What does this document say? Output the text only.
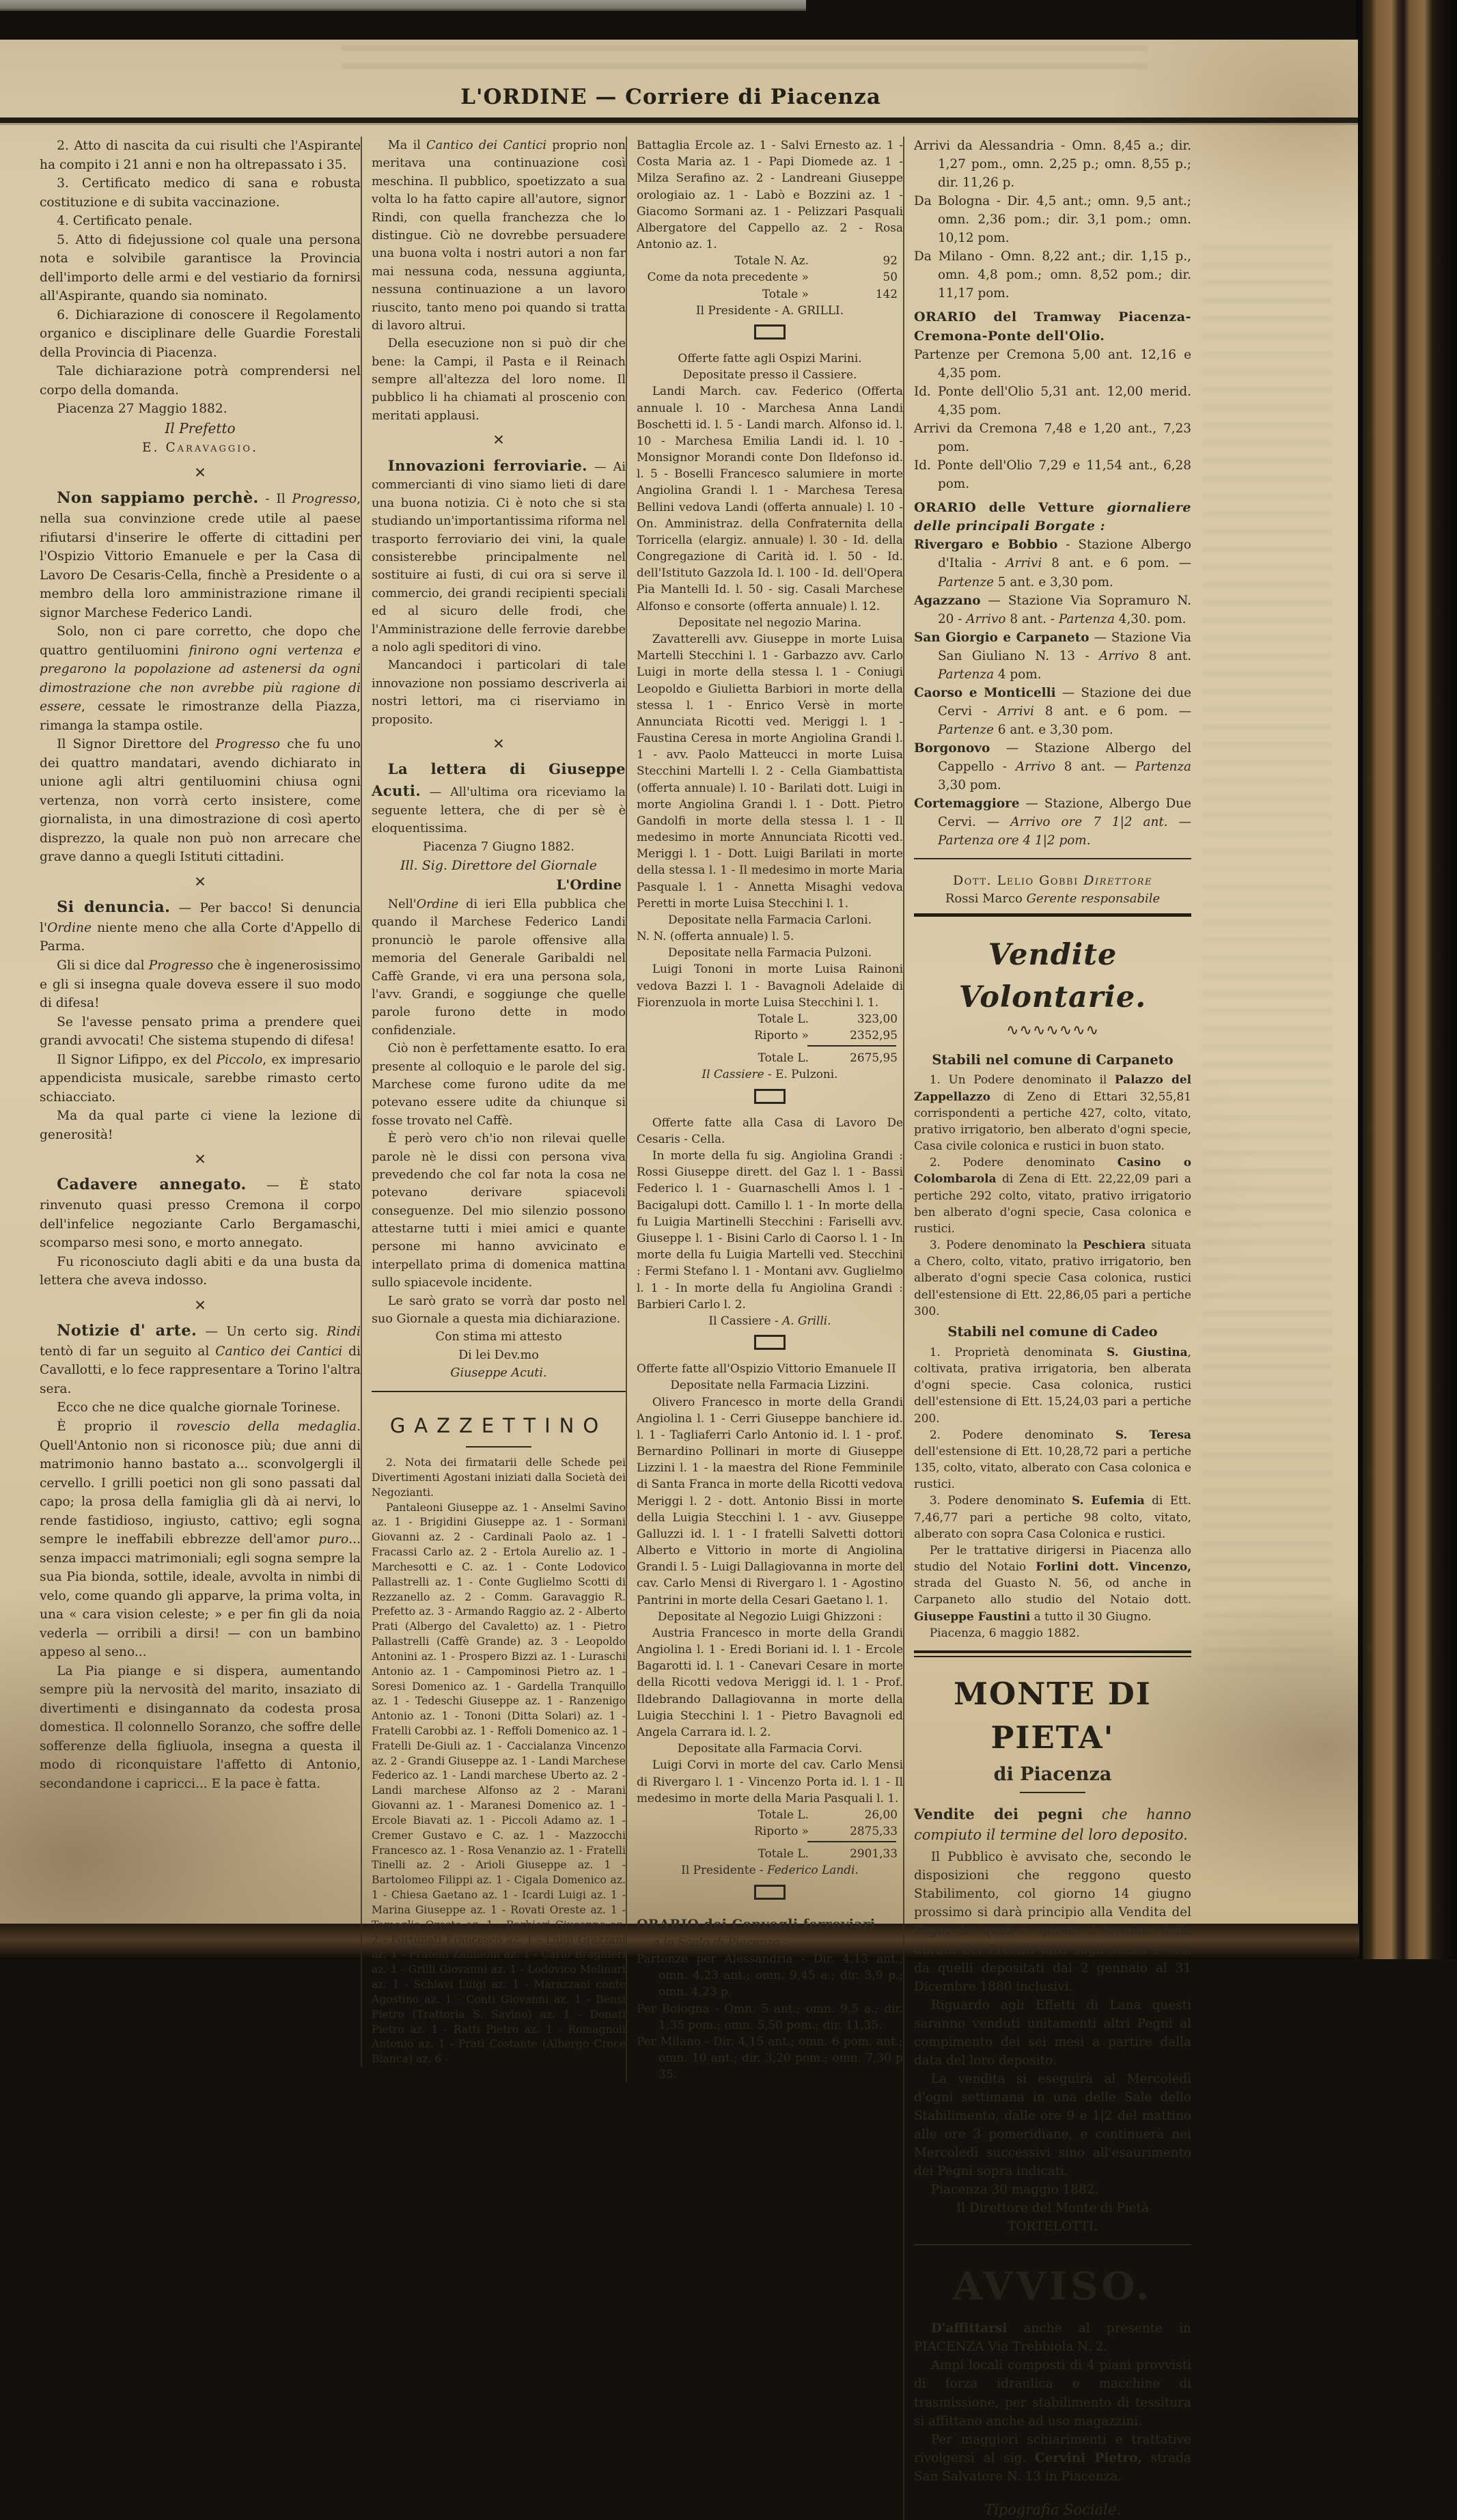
L'ORDINE — Corriere di Piacenza
2. Atto di nascita da cui risulti che l'Aspirante ha compito i 21 anni e non ha oltrepassato i 35.
3. Certificato medico di sana e robusta costituzione e di subita vaccinazione.
4. Certificato penale.
5. Atto di fidejussione col quale una persona nota e solvibile garantisce la Provincia dell'importo delle armi e del vestiario da fornirsi all'Aspirante, quando sia nominato.
6. Dichiarazione di conoscere il Regolamento organico e disciplinare delle Guardie Forestali della Provincia di Piacenza.
Tale dichiarazione potrà comprendersi nel corpo della domanda.
Piacenza 27 Maggio 1882.
Il Prefetto
E. Caravaggio.
✕
Non sappiamo perchè. - Il Progresso, nella sua convinzione crede utile al paese rifiutarsi d'inserire le offerte di cittadini per l'Ospizio Vittorio Emanuele e per la Casa di Lavoro De Cesaris-Cella, finchè a Presidente o a membro della loro amministrazione rimane il signor Marchese Federico Landi.
Solo, non ci pare corretto, che dopo che quattro gentiluomini finirono ogni vertenza e pregarono la popolazione ad astenersi da ogni dimostrazione che non avrebbe più ragione di essere, cessate le rimostranze della Piazza, rimanga la stampa ostile.
Il Signor Direttore del Progresso che fu uno dei quattro mandatari, avendo dichiarato in unione agli altri gentiluomini chiusa ogni vertenza, non vorrà certo insistere, come giornalista, in una dimostrazione di così aperto disprezzo, la quale non può non arrecare che grave danno a quegli Istituti cittadini.
✕
Si denuncia. — Per bacco! Si denuncia l'Ordine niente meno che alla Corte d'Appello di Parma.
Gli si dice dal Progresso che è ingenerosissimo e gli si insegna quale doveva essere il suo modo di difesa!
Se l'avesse pensato prima a prendere quei grandi avvocati! Che sistema stupendo di difesa!
Il Signor Lifippo, ex del Piccolo, ex impresario appendicista musicale, sarebbe rimasto certo schiacciato.
Ma da qual parte ci viene la lezione di generosità!
✕
Cadavere annegato. — È stato rinvenuto quasi presso Cremona il corpo dell'infelice negoziante Carlo Bergamaschi, scomparso mesi sono, e morto annegato.
Fu riconosciuto dagli abiti e da una busta da lettera che aveva indosso.
✕
Notizie d' arte. — Un certo sig. Rindi tentò di far un seguito al Cantico dei Cantici di Cavallotti, e lo fece rappresentare a Torino l'altra sera.
Ecco che ne dice qualche giornale Torinese.
È proprio il rovescio della medaglia. Quell'Antonio non si riconosce più; due anni di matrimonio hanno bastato a... sconvolgergli il cervello. I grilli poetici non gli sono passati dal capo; la prosa della famiglia gli dà ai nervi, lo rende fastidioso, ingiusto, cattivo; egli sogna sempre le ineffabili ebbrezze dell'amor puro... senza impacci matrimoniali; egli sogna sempre la sua Pia bionda, sottile, ideale, avvolta in nimbi di velo, come quando gli apparve, la prima volta, in una « cara vision celeste; » e per fin gli da noia vederla — orribili a dirsi! — con un bambino appeso al seno...
La Pia piange e si dispera, aumentando sempre più la nervosità del marito, insaziato di divertimenti e disingannato da codesta prosa domestica. Il colonnello Soranzo, che soffre delle sofferenze della figliuola, insegna a questa il modo di riconquistare l'affetto di Antonio, secondandone i capricci... E la pace è fatta.
Ma il Cantico dei Cantici proprio non meritava una continuazione così meschina. Il pubblico, spoetizzato a sua volta lo ha fatto capire all'autore, signor Rindi, con quella franchezza che lo distingue. Ciò ne dovrebbe persuadere una buona volta i nostri autori a non far mai nessuna coda, nessuna aggiunta, nessuna continuazione a un lavoro riuscito, tanto meno poi quando si tratta di lavoro altrui.
Della esecuzione non si può dir che bene: la Campi, il Pasta e il Reinach sempre all'altezza del loro nome. Il pubblico li ha chiamati al proscenio con meritati applausi.
✕
Innovazioni ferroviarie. — Ai commercianti di vino siamo lieti di dare una buona notizia. Ci è noto che si sta studiando un'importantissima riforma nel trasporto ferroviario dei vini, la quale consisterebbe principalmente nel sostituire ai fusti, di cui ora si serve il commercio, dei grandi recipienti speciali ed al sicuro delle frodi, che l'Amministrazione delle ferrovie darebbe a nolo agli speditori di vino.
Mancandoci i particolari di tale innovazione non possiamo descriverla ai nostri lettori, ma ci riserviamo in proposito.
✕
La lettera di Giuseppe Acuti. — All'ultima ora riceviamo la seguente lettera, che di per sè è eloquentissima.
Piacenza 7 Giugno 1882.
Ill. Sig. Direttore del Giornale
L'Ordine
Nell'Ordine di ieri Ella pubblica che quando il Marchese Federico Landi pronunciò le parole offensive alla memoria del Generale Garibaldi nel Caffè Grande, vi era una persona sola, l'avv. Grandi, e soggiunge che quelle parole furono dette in modo confidenziale.
Ciò non è perfettamente esatto. Io era presente al colloquio e le parole del sig. Marchese come furono udite da me potevano essere udite da chiunque si fosse trovato nel Caffè.
È però vero ch'io non rilevai quelle parole nè le dissi con persona viva prevedendo che col far nota la cosa ne potevano derivare spiacevoli conseguenze. Del mio silenzio possono attestarne tutti i miei amici e quante persone mi hanno avvicinato e interpellato prima di domenica mattina sullo spiacevole incidente.
Le sarò grato se vorrà dar posto nel suo Giornale a questa mia dichiarazione.
Con stima mi attesto
Di lei Dev.mo
Giuseppe Acuti.
GAZZETTINO
2. Nota dei firmatarii delle Schede pei Divertimenti Agostani iniziati dalla Società dei Negozianti.
Pantaleoni Giuseppe az. 1 - Anselmi Savino az. 1 - Brigidini Giuseppe az. 1 - Sormani Giovanni az. 2 - Cardinali Paolo az. 1 - Fracassi Carlo az. 2 - Ertola Aurelio az. 1 - Marchesotti e C. az. 1 - Conte Lodovico Pallastrelli az. 1 - Conte Guglielmo Scotti di Rezzanello az. 2 - Comm. Garavaggio R. Prefetto az. 3 - Armando Raggio az. 2 - Alberto Prati (Albergo del Cavaletto) az. 1 - Pietro Pallastrelli (Caffè Grande) az. 3 - Leopoldo Antonini az. 1 - Prospero Bizzi az. 1 - Luraschi Antonio az. 1 - Campominosi Pietro az. 1 - Soresi Domenico az. 1 - Gardella Tranquillo az. 1 - Tedeschi Giuseppe az. 1 - Ranzenigo Antonio az. 1 - Tononi (Ditta Solari) az. 1 - Fratelli Carobbi az. 1 - Reffoli Domenico az. 1 - Fratelli De-Giuli az. 1 - Caccialanza Vincenzo az. 2 - Grandi Giuseppe az. 1 - Landi Marchese Federico az. 1 - Landi marchese Uberto az. 2 - Landi marchese Alfonso az 2 - Marani Giovanni az. 1 - Maranesi Domenico az. 1 - Ercole Biavati az. 1 - Piccoli Adamo az. 1 - Cremer Gustavo e C. az. 1 - Mazzocchi Francesco az. 1 - Rosa Venanzio az. 1 - Fratelli Tinelli az. 2 - Arioli Giuseppe az. 1 - Bartolomeo Filippi az. 1 - Cigala Domenico az. 1 - Chiesa Gaetano az. 1 - Icardi Luigi az. 1 - Marina Giuseppe az. 1 - Rovati Oreste az. 1 - Tamoglia Oreste az. 1 - Barbieri Giuseppe az. 2 - Fortunati Francesco az. 1 - Luigi Grazzani az. 1 - Fratelli Zaninoni az. 1 - Carlo Braghieri az. 1 - Grilli Giovanni az. 1 - Lodovico Molinari az. 1 - Schiavi Luigi az. 1 - Marazzani conte Agostino az. 1 - Conti Giovanni az. 1 - Bensi Pietro (Trattoria S. Savino) az. 1 - Donati Pietro az. 1 - Ratti Pietro az. 1 - Romagnoli Antonio az. 1 - Prati Costante (Albergo Croce Bianca) az. 6 -
Battaglia Ercole az. 1 - Salvi Ernesto az. 1 - Costa Maria az. 1 - Papi Diomede az. 1 - Milza Serafino az. 2 - Landreani Giuseppe orologiaio az. 1 - Labò e Bozzini az. 1 - Giacomo Sormani az. 1 - Pelizzari Pasquali Albergatore del Cappello az. 2 - Rosa Antonio az. 1.
Totale N. Az.	92
Come da nota precedente »	50
Totale »	142
Il Presidente - A. GRILLI.
Offerte fatte agli Ospizi Marini.
Depositate presso il Cassiere.
Landi March. cav. Federico (Offerta annuale l. 10 - Marchesa Anna Landi Boschetti id. l. 5 - Landi march. Alfonso id. l. 10 - Marchesa Emilia Landi id. l. 10 - Monsignor Morandi conte Don Ildefonso id. l. 5 - Boselli Francesco salumiere in morte Angiolina Grandi l. 1 - Marchesa Teresa Bellini vedova Landi (offerta annuale) l. 10 - On. Amministraz. della Confraternita della Torricella (elargiz. annuale) l. 30 - Id. della Congregazione di Carità id. l. 50 - Id. dell'Istituto Gazzola Id. l. 100 - Id. dell'Opera Pia Mantelli Id. l. 50 - sig. Casali Marchese Alfonso e consorte (offerta annuale) l. 12.
Depositate nel negozio Marina.
Zavatterelli avv. Giuseppe in morte Luisa Martelli Stecchini l. 1 - Garbazzo avv. Carlo Luigi in morte della stessa l. 1 - Coniugi Leopoldo e Giulietta Barbiori in morte della stessa l. 1 - Enrico Versè in morte Annunciata Ricotti ved. Meriggi l. 1 - Faustina Ceresa in morte Angiolina Grandi l. 1 - avv. Paolo Matteucci in morte Luisa Stecchini Martelli l. 2 - Cella Giambattista (offerta annuale) l. 10 - Barilati dott. Luigi in morte Angiolina Grandi l. 1 - Dott. Pietro Gandolfi in morte della stessa l. 1 - Il medesimo in morte Annunciata Ricotti ved. Meriggi l. 1 - Dott. Luigi Barilati in morte della stessa l. 1 - Il medesimo in morte Maria Pasquale l. 1 - Annetta Misaghi vedova Peretti in morte Luisa Stecchini l. 1.
Depositate nella Farmacia Carloni.
N. N. (offerta annuale) l. 5.
Depositate nella Farmacia Pulzoni.
Luigi Tononi in morte Luisa Rainoni vedova Bazzi l. 1 - Bavagnoli Adelaide di Fiorenzuola in morte Luisa Stecchini l. 1.
Totale L.	323,00
Riporto »	2352,95
Totale L.	2675,95
Il Cassiere - E. Pulzoni.
Offerte fatte alla Casa di Lavoro De Cesaris - Cella.
In morte della fu sig. Angiolina Grandi : Rossi Giuseppe dirett. del Gaz l. 1 - Bassi Federico l. 1 - Guarnaschelli Amos l. 1 - Bacigalupi dott. Camillo l. 1 - In morte della fu Luigia Martinelli Stecchini : Fariselli avv. Giuseppe l. 1 - Bisini Carlo di Caorso l. 1 - In morte della fu Luigia Martelli ved. Stecchini : Fermi Stefano l. 1 - Montani avv. Guglielmo l. 1 - In morte della fu Angiolina Grandi : Barbieri Carlo l. 2.
Il Cassiere - A. Grilli.
Offerte fatte all'Ospizio Vittorio Emanuele II
Depositate nella Farmacia Lizzini.
Olivero Francesco in morte della Grandi Angiolina l. 1 - Cerri Giuseppe banchiere id. l. 1 - Tagliaferri Carlo Antonio id. l. 1 - prof. Bernardino Pollinari in morte di Giuseppe Lizzini l. 1 - la maestra del Rione Femminile di Santa Franca in morte della Ricotti vedova Meriggi l. 2 - dott. Antonio Bissi in morte della Luigia Stecchini l. 1 - avv. Giuseppe Galluzzi id. l. 1 - I fratelli Salvetti dottori Alberto e Vittorio in morte di Angiolina Grandi l. 5 - Luigi Dallagiovanna in morte del cav. Carlo Mensi di Rivergaro l. 1 - Agostino Pantrini in morte della Cesari Gaetano l. 1.
Depositate al Negozio Luigi Ghizzoni :
Austria Francesco in morte della Grandi Angiolina l. 1 - Eredi Boriani id. l. 1 - Ercole Bagarotti id. l. 1 - Canevari Cesare in morte della Ricotti vedova Meriggi id. l. 1 - Prof. Ildebrando Dallagiovanna in morte della Luigia Stecchini l. 1 - Pietro Bavagnoli ed Angela Carrara id. l. 2.
Depositate alla Farmacia Corvi.
Luigi Corvi in morte del cav. Carlo Mensi di Rivergaro l. 1 - Vincenzo Porta id. l. 1 - Il medesimo in morte della Maria Pasquali l. 1.
Totale L.	26,00
Riporto »	2875,33
Totale L.	2901,33
Il Presidente - Federico Landi.
ORARIO dei Convogli ferroviari
a lo Scalo di Piacenza :
Partenze per Alessandria - Dir. 4,13 ant.; omn. 4,23 ant.; omn. 9,45 a.; dir. 3,9 p.; omn. 4,23 p.
Per Bologna - Omn. 5 ant.; omn. 9,5 a.; dir. 1,35 pom.; omn. 5,50 pom.; dir. 11,35.
Per Milano - Dir. 4,15 ant.; omn. 6 pom. ant.; omn. 10 ant.; dir. 3,20 pom.; omn. 7,30 p 35.
Arrivi da Alessandria - Omn. 8,45 a.; dir. 1,27 pom., omn. 2,25 p.; omn. 8,55 p.; dir. 11,26 p.
Da Bologna - Dir. 4,5 ant.; omn. 9,5 ant.; omn. 2,36 pom.; dir. 3,1 pom.; omn. 10,12 pom.
Da Milano - Omn. 8,22 ant.; dir. 1,15 p., omn. 4,8 pom.; omn. 8,52 pom.; dir. 11,17 pom.
ORARIO del Tramway Piacenza-Cremona-Ponte dell'Olio.
Partenze per Cremona 5,00 ant. 12,16 e 4,35 pom.
Id. Ponte dell'Olio 5,31 ant. 12,00 merid. 4,35 pom.
Arrivi da Cremona 7,48 e 1,20 ant., 7,23 pom.
Id. Ponte dell'Olio 7,29 e 11,54 ant., 6,28 pom.
ORARIO delle Vetture giornaliere delle principali Borgate :
Rivergaro e Bobbio - Stazione Albergo d'Italia - Arrivi 8 ant. e 6 pom. — Partenze 5 ant. e 3,30 pom.
Agazzano — Stazione Via Sopramuro N. 20 - Arrivo 8 ant. - Partenza 4,30. pom.
San Giorgio e Carpaneto — Stazione Via San Giuliano N. 13 - Arrivo 8 ant. Partenza 4 pom.
Caorso e Monticelli — Stazione dei due Cervi - Arrivi 8 ant. e 6 pom. — Partenze 6 ant. e 3,30 pom.
Borgonovo — Stazione Albergo del Cappello - Arrivo 8 ant. — Partenza 3,30 pom.
Cortemaggiore — Stazione, Albergo Due Cervi. — Arrivo ore 7 1|2 ant. — Partenza ore 4 1|2 pom.
Dott. Lelio Gobbi Direttore
Rossi Marco Gerente responsabile
Vendite Volontarie.
∿∿∿∿∿∿∿
Stabili nel comune di Carpaneto
1. Un Podere denominato il Palazzo del Zappellazzo di Zeno di Ettari 32,55,81 corrispondenti a pertiche 427, colto, vitato, prativo irrigatorio, ben alberato d'ogni specie, Casa civile colonica e rustici in buon stato.
2. Podere denominato Casino o Colombarola di Zena di Ett. 22,22,09 pari a pertiche 292 colto, vitato, prativo irrigatorio ben alberato d'ogni specie, Casa colonica e rustici.
3. Podere denominato la Peschiera situata a Chero, colto, vitato, prativo irrigatorio, ben alberato d'ogni specie Casa colonica, rustici dell'estensione di Ett. 22,86,05 pari a pertiche 300.
Stabili nel comune di Cadeo
1. Proprietà denominata S. Giustina, coltivata, prativa irrigatoria, ben alberata d'ogni specie. Casa colonica, rustici dell'estensione di Ett. 15,24,03 pari a pertiche 200.
2. Podere denominato S. Teresa dell'estensione di Ett. 10,28,72 pari a pertiche 135, colto, vitato, alberato con Casa colonica e rustici.
3. Podere denominato S. Eufemia di Ett. 7,46,77 pari a pertiche 98 colto, vitato, alberato con sopra Casa Colonica e rustici.
Per le trattative dirigersi in Piacenza allo studio del Notaio Forlini dott. Vincenzo, strada del Guasto N. 56, od anche in Carpaneto allo studio del Notaio dott. Giuseppe Faustini a tutto il 30 Giugno.
Piacenza, 6 maggio 1882.
MONTE DI PIETA'
di Piacenza
Vendite dei pegni che hanno compiuto il termine del loro deposito.
Il Pubblico è avvisato che, secondo le disposizioni che reggono questo Stabilimento, col giorno 14 giugno prossimo si darà principio alla Vendita del Pegni de' quali è spirato il termine della durata dei Prestiti fatti sugli stessi e così da quelli depositati dal 2 gennaio al 31 Dicembre 1880 inclusivi.
Riguardo agli Effetti di Lana questi saranno venduti unitamenti altri Pegni al compimento dei sei mesi a partire dalla data del loro deposito.
La vendita si eseguirà al Mercoledì d'ogni settimana in una delle Sale dello Stabilimento, dalle ore 9 e 1|2 del mattino alle ore 3 pomeridiane, e continuerà nei Mercoledì successivi sino all'esaurimento dei Pegni sopra indicati.
Piacenza 30 maggio 1882.
Il Direttore del Monte di Pietà
TORTELOTTI.
AVVISO.
D'affittarsi anche al presente in PIACENZA Via Trebbiola N. 2.
Ampi locali composti di 4 piani provvisti di forza idraulica e macchine di trasmissione, per stabilimento di tessitura si affittano anche ad uso magazzini.
Per maggiori schiarimenti e trattative rivolgersi al sig. Cervini Pietro, strada San Salvatore N. 13 in Piacenza.
Tipografia Sociale.
